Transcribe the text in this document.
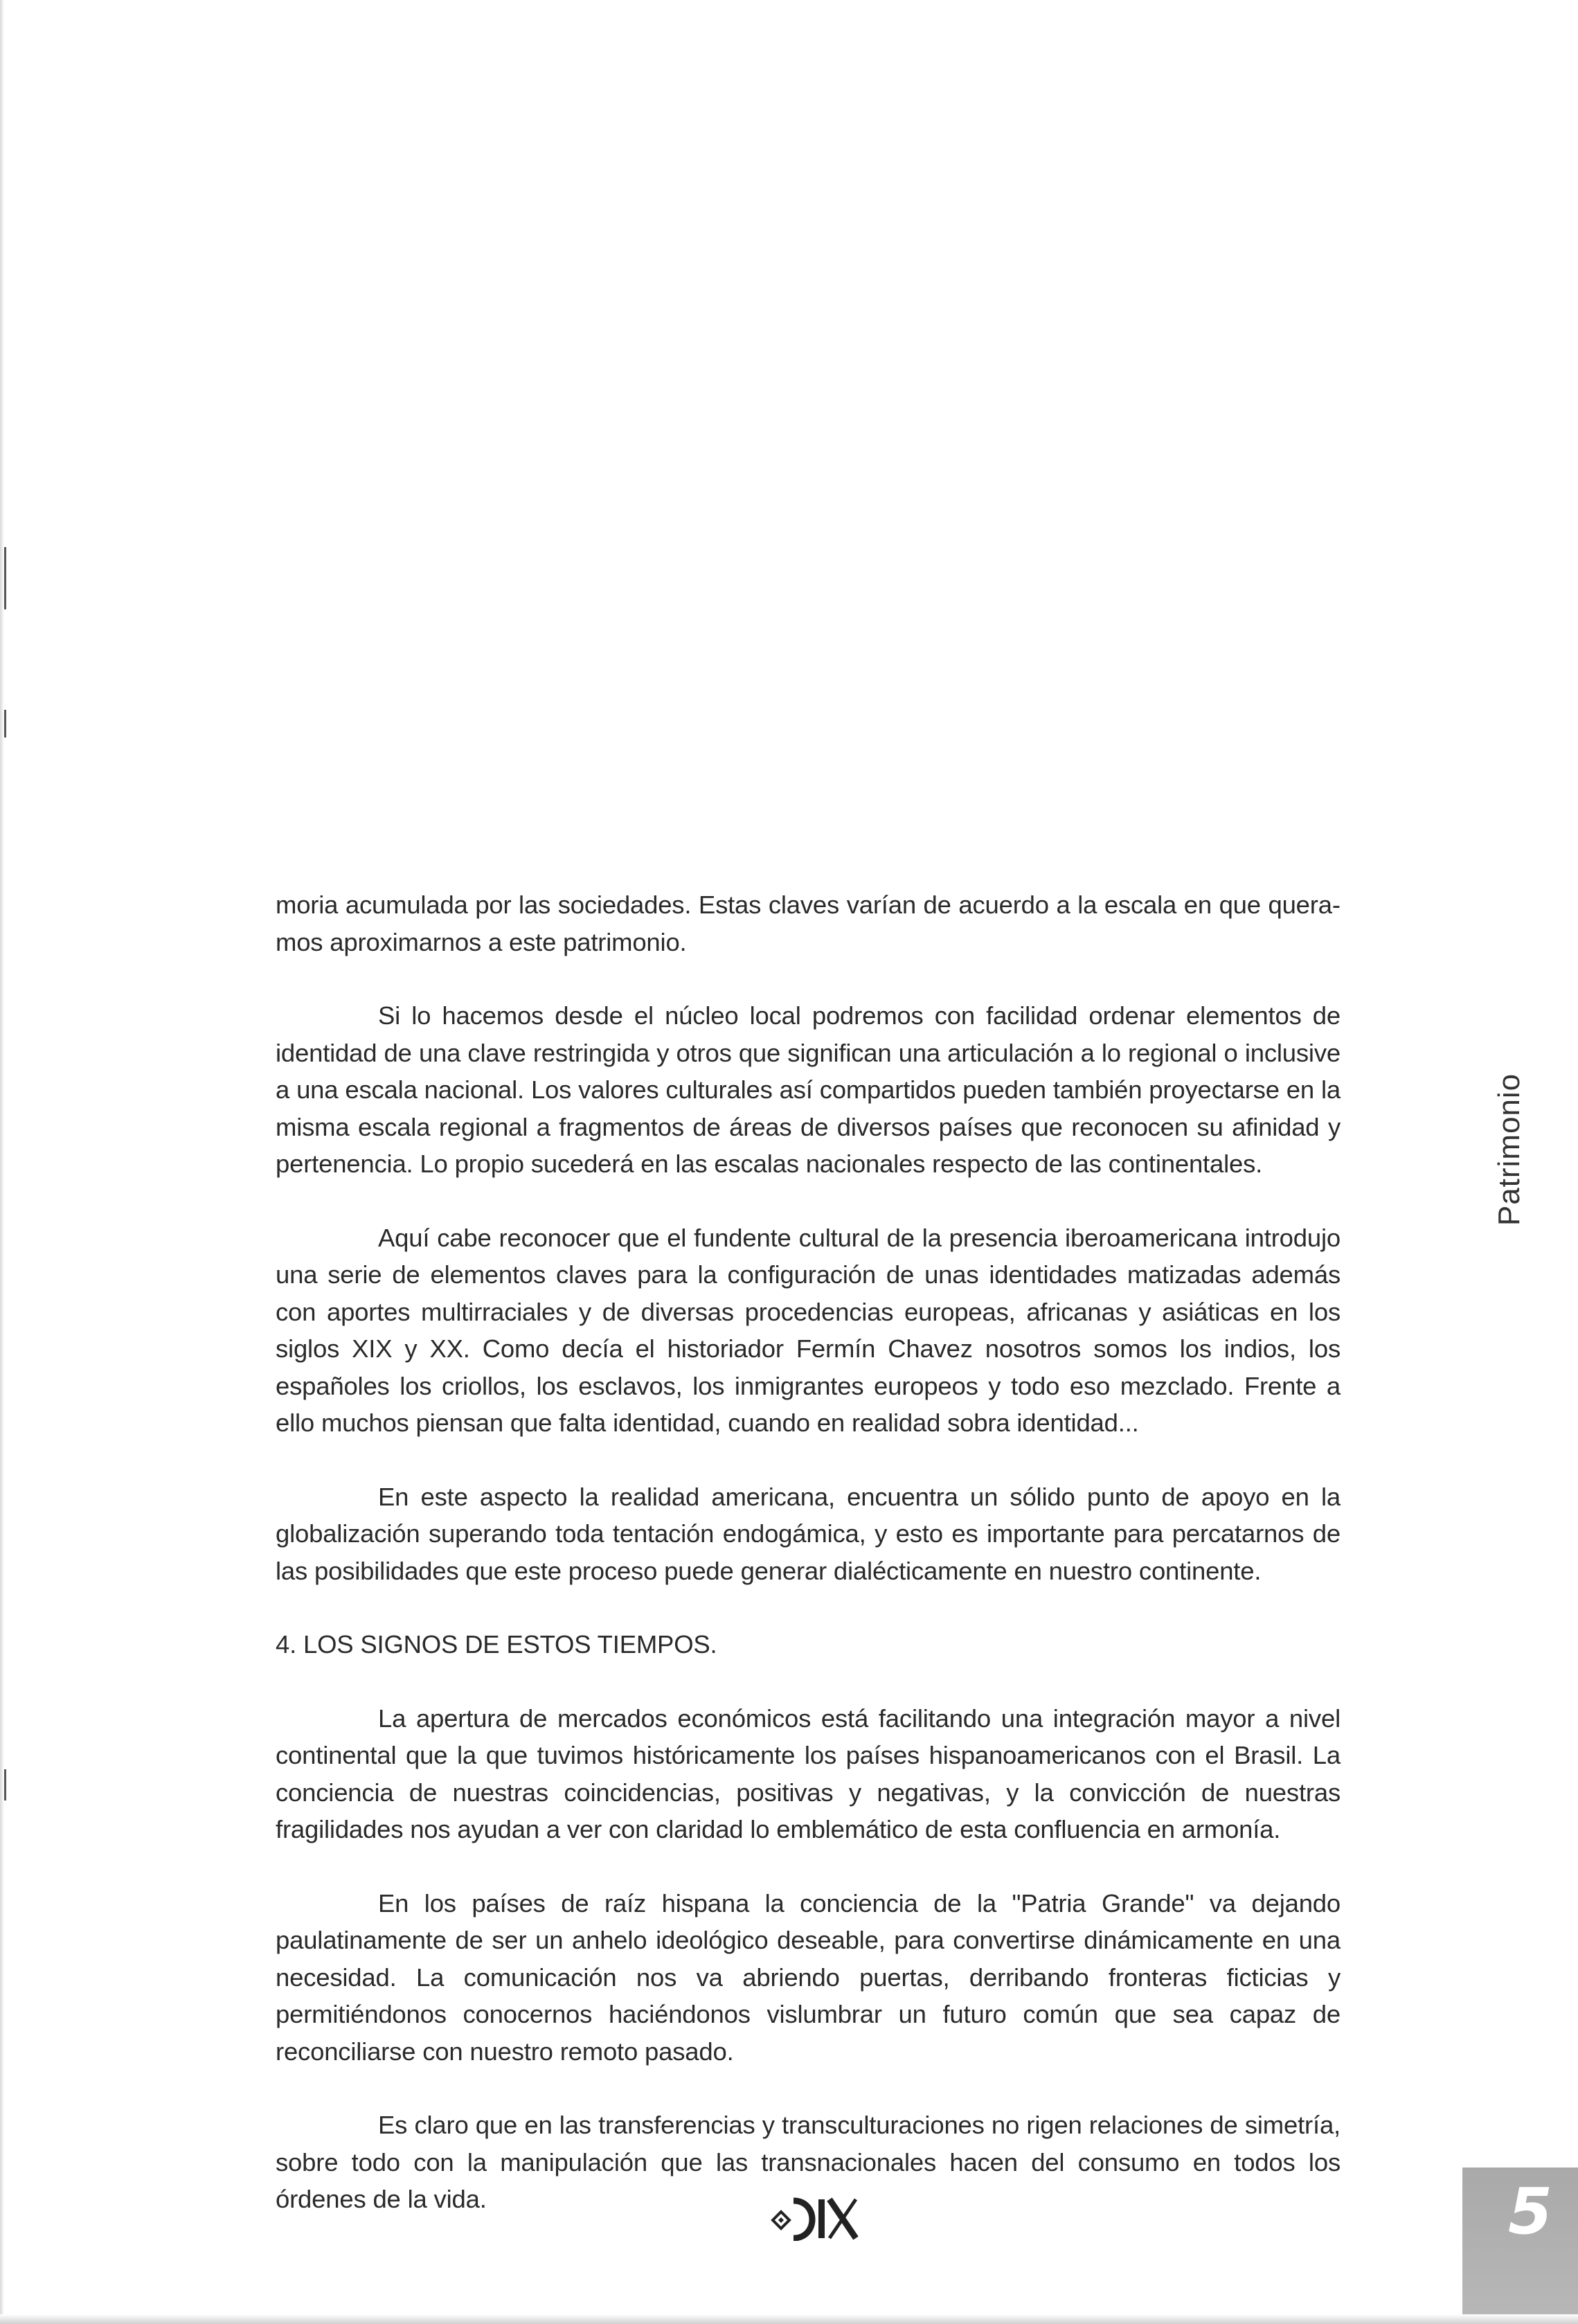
moria acumulada por las sociedades. Estas claves varían de acuerdo a la escala en que queramos aproximarnos a este patrimonio.

Si lo hacemos desde el núcleo local podremos con facilidad ordenar elementos de identidad de una clave restringida y otros que significan una articulación a lo regional o inclusive a una escala nacional. Los valores culturales así compartidos pueden también proyectarse en la misma escala regional a fragmentos de áreas de diversos países que reconocen su afinidad y pertenencia. Lo propio sucederá en las escalas nacionales respecto de las continentales.

Aquí cabe reconocer que el fundente cultural de la presencia iberoamericana introdujo una serie de elementos claves para la configuración de unas identidades matizadas además con aportes multirraciales y de diversas procedencias europeas, africanas y asiáticas en los siglos XIX y XX. Como decía el historiador Fermín Chavez nosotros somos los indios, los españoles los criollos, los esclavos, los inmigrantes europeos y todo eso mezclado. Frente a ello muchos piensan que falta identidad, cuando en realidad sobra identidad...

En este aspecto la realidad americana, encuentra un sólido punto de apoyo en la globalización superando toda tentación endogámica, y esto es importante para percatarnos de las posibilidades que este proceso puede generar dialécticamente en nuestro continente.

4. LOS SIGNOS DE ESTOS TIEMPOS.

La apertura de mercados económicos está facilitando una integración mayor a nivel continental que la que tuvimos históricamente los países hispanoamericanos con el Brasil. La conciencia de nuestras coincidencias, positivas y negativas, y la convicción de nuestras fragilidades nos ayudan a ver con claridad lo emblemático de esta confluencia en armonía.

En los países de raíz hispana la conciencia de la "Patria Grande" va dejando paulatinamente de ser un anhelo ideológico deseable, para convertirse dinámicamente en una necesidad. La comunicación nos va abriendo puertas, derribando fronteras ficticias y permitiéndonos conocernos haciéndonos vislumbrar un futuro común que sea capaz de reconciliarse con nuestro remoto pasado.

Es claro que en las transferencias y transculturaciones no rigen relaciones de simetría, sobre todo con la manipulación que las transnacionales hacen del consumo en todos los órdenes de la vida.

Patrimonio
5
